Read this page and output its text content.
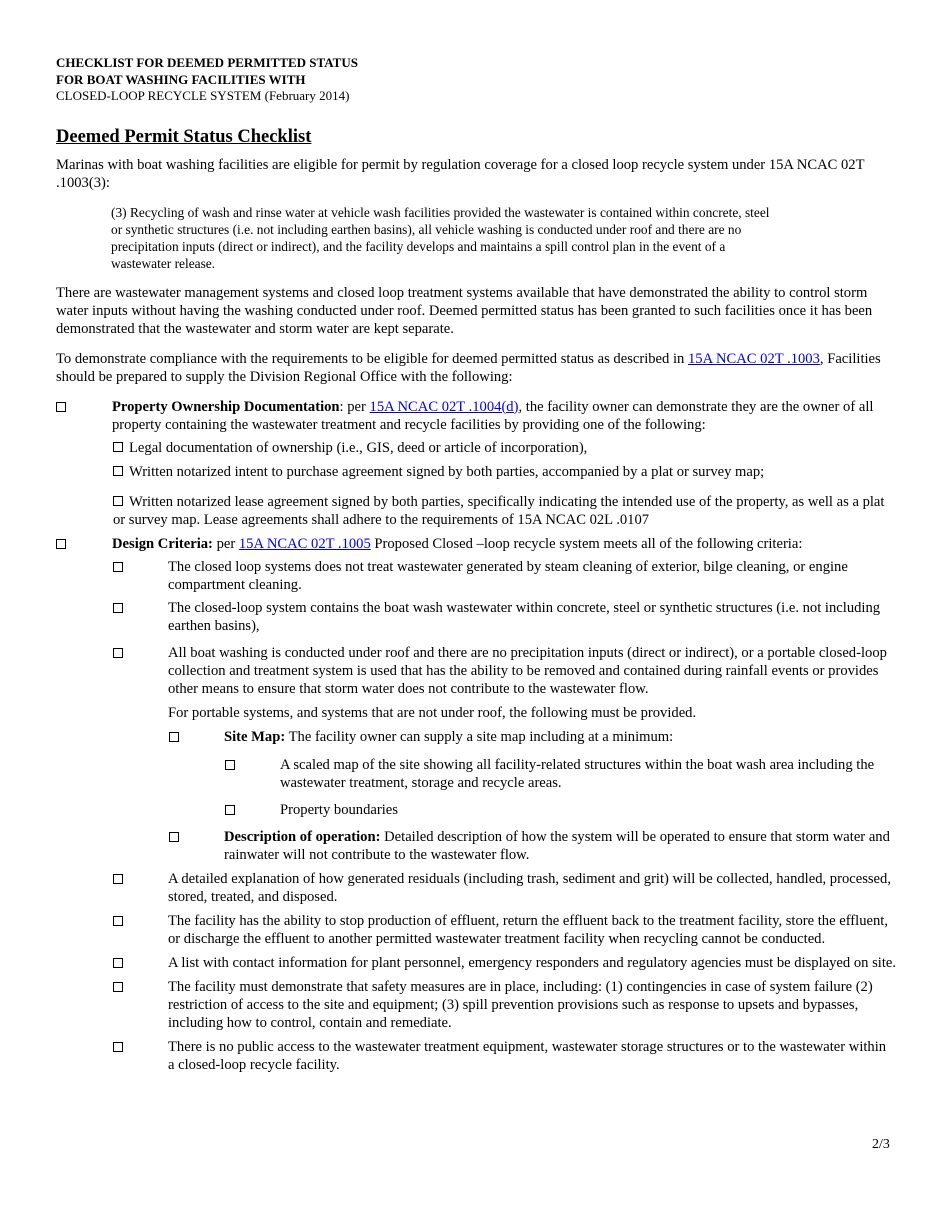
CHECKLIST FOR DEEMED PERMITTED STATUS
FOR BOAT WASHING FACILITIES WITH
CLOSED-LOOP RECYCLE SYSTEM (February 2014)
Deemed Permit Status Checklist

Marinas with boat washing facilities are eligible for permit by regulation coverage for a closed loop recycle system under 15A NCAC 02T .1003(3):

(3) Recycling of wash and rinse water at vehicle wash facilities provided the wastewater is contained within concrete, steel or synthetic structures (i.e. not including earthen basins), all vehicle washing is conducted under roof and there are no precipitation inputs (direct or indirect), and the facility develops and maintains a spill control plan in the event of a wastewater release.

There are wastewater management systems and closed loop treatment systems available that have demonstrated the ability to control storm water inputs without having the washing conducted under roof. Deemed permitted status has been granted to such facilities once it has been demonstrated that the wastewater and storm water are kept separate.

To demonstrate compliance with the requirements to be eligible for deemed permitted status as described in 15A NCAC 02T .1003, Facilities should be prepared to supply the Division Regional Office with the following:

Property Ownership Documentation: per 15A NCAC 02T .1004(d), the facility owner can demonstrate they are the owner of all property containing the wastewater treatment and recycle facilities by providing one of the following:
Legal documentation of ownership (i.e., GIS, deed or article of incorporation),
Written notarized intent to purchase agreement signed by both parties, accompanied by a plat or survey map;
Written notarized lease agreement signed by both parties, specifically indicating the intended use of the property, as well as a plat or survey map. Lease agreements shall adhere to the requirements of 15A NCAC 02L .0107
Design Criteria: per 15A NCAC 02T .1005 Proposed Closed –loop recycle system meets all of the following criteria:
The closed loop systems does not treat wastewater generated by steam cleaning of exterior, bilge cleaning, or engine compartment cleaning.
The closed-loop system contains the boat wash wastewater within concrete, steel or synthetic structures (i.e. not including earthen basins),
All boat washing is conducted under roof and there are no precipitation inputs (direct or indirect), or a portable closed-loop collection and treatment system is used that has the ability to be removed and contained during rainfall events or provides other means to ensure that storm water does not contribute to the wastewater flow.

For portable systems, and systems that are not under roof, the following must be provided.

Site Map: The facility owner can supply a site map including at a minimum:
A scaled map of the site showing all facility-related structures within the boat wash area including the wastewater treatment, storage and recycle areas.
Property boundaries
Description of operation: Detailed description of how the system will be operated to ensure that storm water and rainwater will not contribute to the wastewater flow.
A detailed explanation of how generated residuals (including trash, sediment and grit) will be collected, handled, processed, stored, treated, and disposed.
The facility has the ability to stop production of effluent, return the effluent back to the treatment facility, store the effluent, or discharge the effluent to another permitted wastewater treatment facility when recycling cannot be conducted.
A list with contact information for plant personnel, emergency responders and regulatory agencies must be displayed on site.
The facility must demonstrate that safety measures are in place, including: (1) contingencies in case of system failure (2) restriction of access to the site and equipment; (3) spill prevention provisions such as response to upsets and bypasses, including how to control, contain and remediate.
There is no public access to the wastewater treatment equipment, wastewater storage structures or to the wastewater within a closed-loop recycle facility.
2/3
